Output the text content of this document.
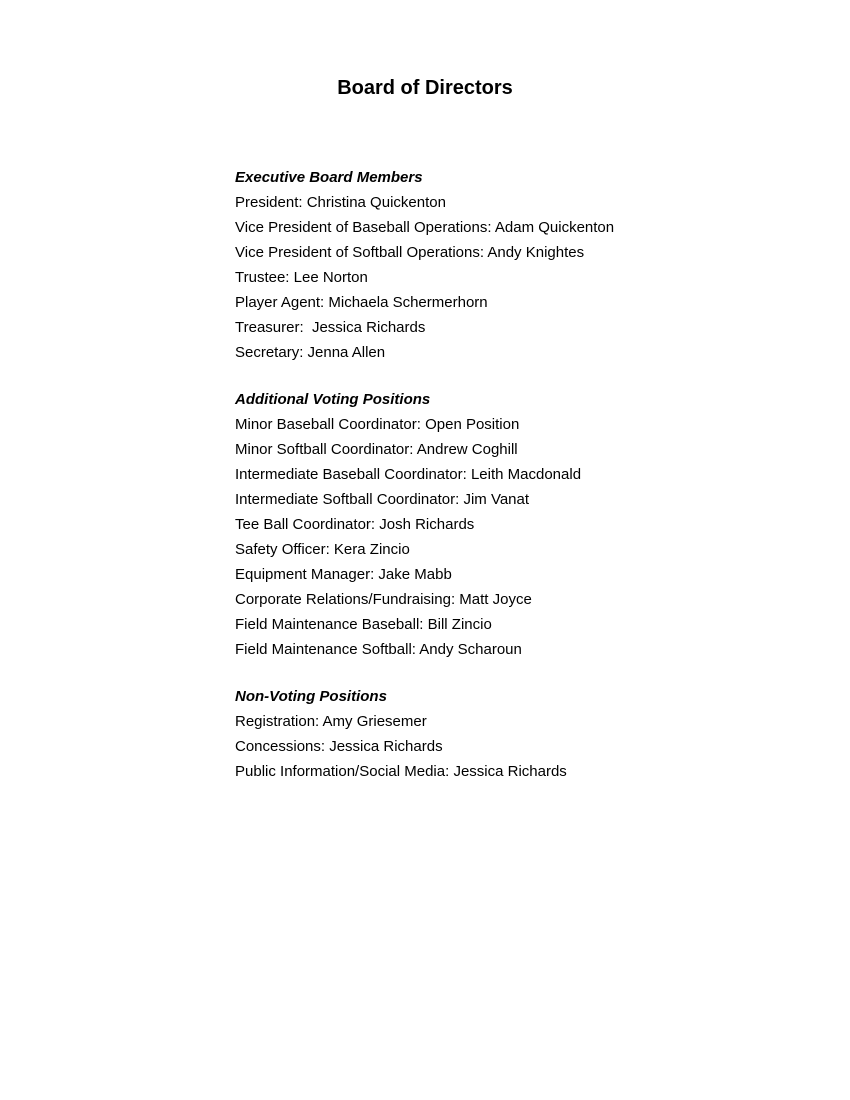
Board of Directors
Executive Board Members

President: Christina Quickenton

Vice President of Baseball Operations: Adam Quickenton

Vice President of Softball Operations: Andy Knightes

Trustee: Lee Norton

Player Agent: Michaela Schermerhorn

Treasurer:  Jessica Richards

Secretary: Jenna Allen

Additional Voting Positions

Minor Baseball Coordinator: Open Position

Minor Softball Coordinator: Andrew Coghill

Intermediate Baseball Coordinator: Leith Macdonald

Intermediate Softball Coordinator: Jim Vanat

Tee Ball Coordinator: Josh Richards

Safety Officer: Kera Zincio

Equipment Manager: Jake Mabb

Corporate Relations/Fundraising: Matt Joyce

Field Maintenance Baseball: Bill Zincio

Field Maintenance Softball: Andy Scharoun

Non-Voting Positions

Registration: Amy Griesemer

Concessions: Jessica Richards

Public Information/Social Media: Jessica Richards
